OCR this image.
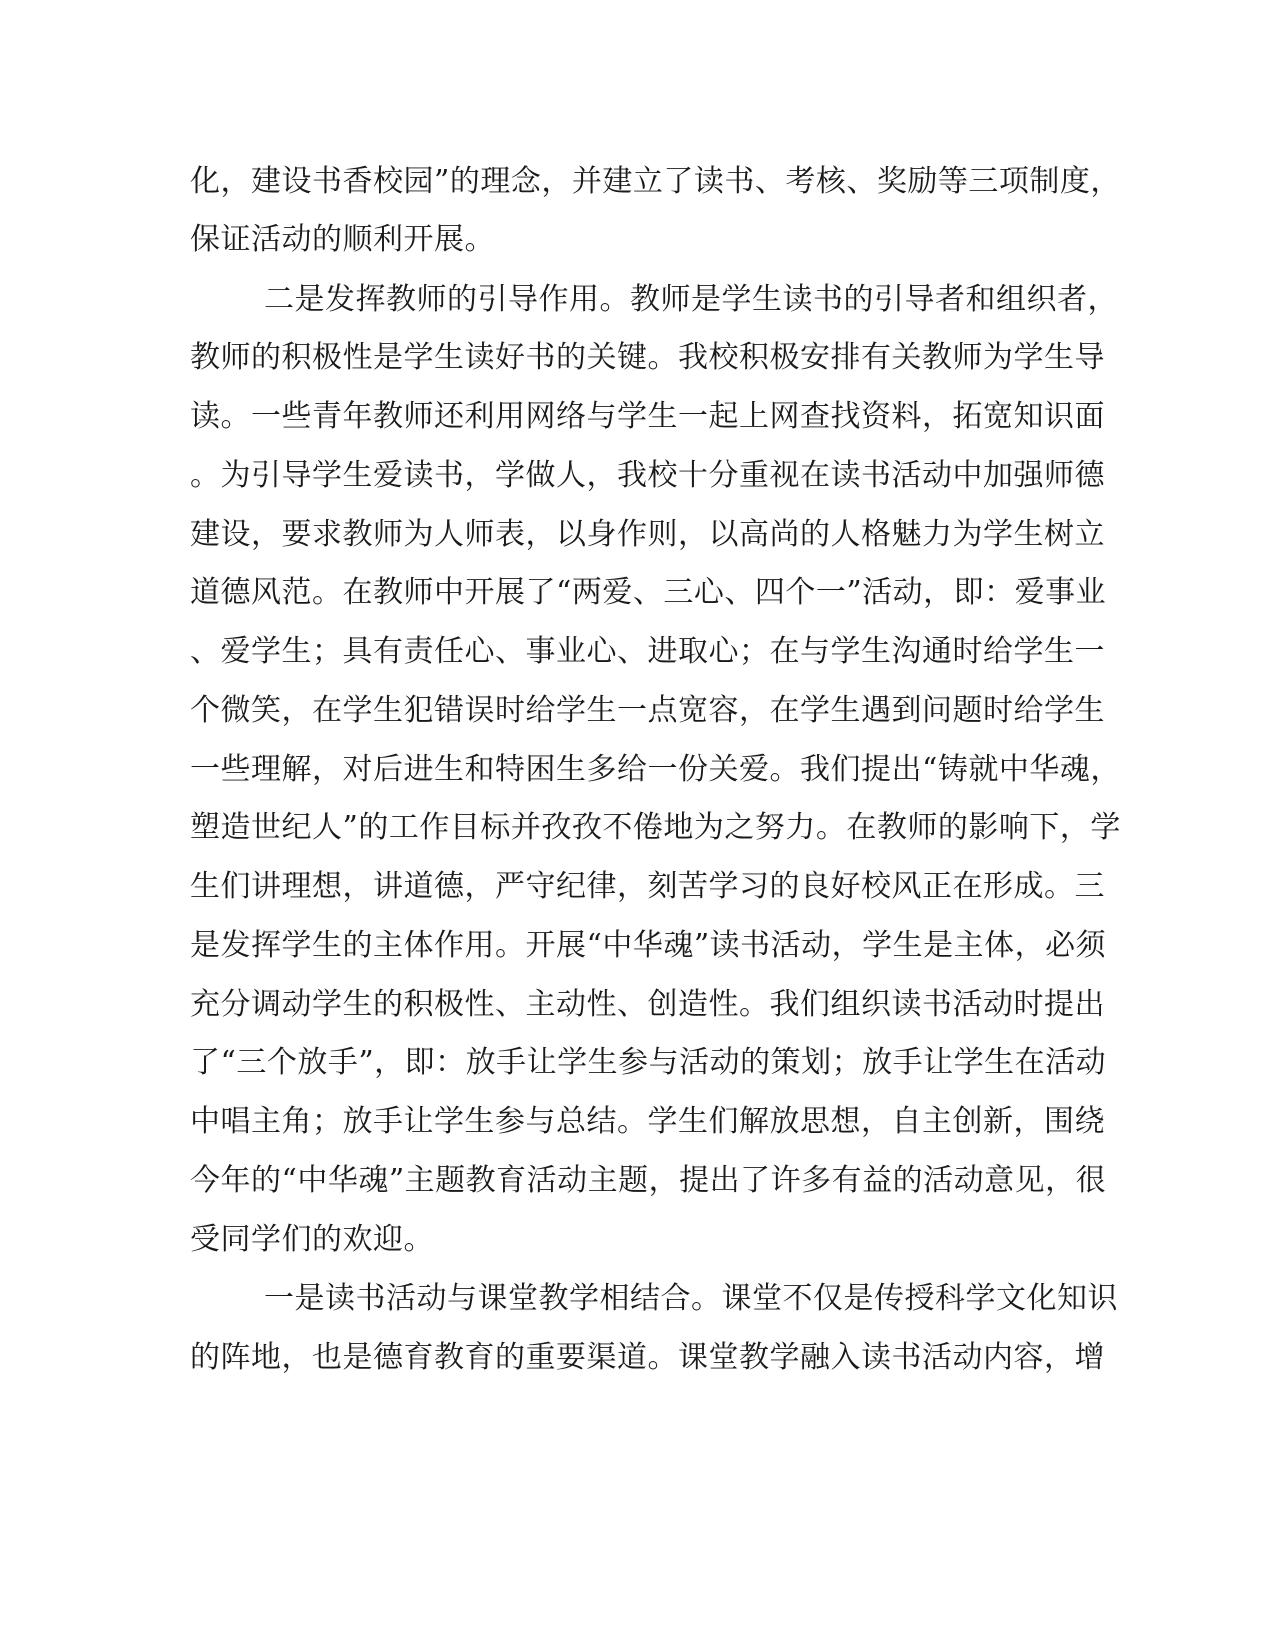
化，建设书香校园”的理念，并建立了读书、考核、奖励等三项制度，
保证活动的顺利开展。
二是发挥教师的引导作用。教师是学生读书的引导者和组织者，
教师的积极性是学生读好书的关键。我校积极安排有关教师为学生导
读。一些青年教师还利用网络与学生一起上网查找资料，拓宽知识面
。为引导学生爱读书，学做人，我校十分重视在读书活动中加强师德
建设，要求教师为人师表，以身作则，以高尚的人格魅力为学生树立
道德风范。在教师中开展了“两爱、三心、四个一”活动，即：爱事业
、爱学生；具有责任心、事业心、进取心；在与学生沟通时给学生一
个微笑，在学生犯错误时给学生一点宽容，在学生遇到问题时给学生
一些理解，对后进生和特困生多给一份关爱。我们提出“铸就中华魂，
塑造世纪人”的工作目标并孜孜不倦地为之努力。在教师的影响下，学
生们讲理想，讲道德，严守纪律，刻苦学习的良好校风正在形成。三
是发挥学生的主体作用。开展“中华魂”读书活动，学生是主体，必须
充分调动学生的积极性、主动性、创造性。我们组织读书活动时提出
了“三个放手”，即：放手让学生参与活动的策划；放手让学生在活动
中唱主角；放手让学生参与总结。学生们解放思想，自主创新，围绕
今年的“中华魂”主题教育活动主题，提出了许多有益的活动意见，很
受同学们的欢迎。
一是读书活动与课堂教学相结合。课堂不仅是传授科学文化知识
的阵地，也是德育教育的重要渠道。课堂教学融入读书活动内容，增
